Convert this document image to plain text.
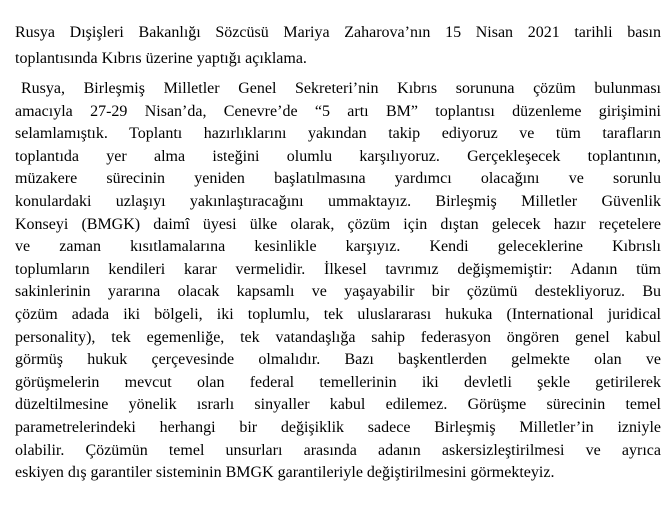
Rusya Dışişleri Bakanlığı Sözcüsü Mariya Zaharova’nın 15 Nisan 2021 tarihli basın
toplantısında Kıbrıs üzerine yaptığı açıklama.
Rusya, Birleşmiş Milletler Genel Sekreteri’nin Kıbrıs sorununa çözüm bulunması
amacıyla 27-29 Nisan’da, Cenevre’de “5 artı BM” toplantısı düzenleme girişimini
selamlamıştık. Toplantı hazırlıklarını yakından takip ediyoruz ve tüm tarafların
toplantıda yer alma isteğini olumlu karşılıyoruz. Gerçekleşecek toplantının,
müzakere sürecinin yeniden başlatılmasına yardımcı olacağını ve sorunlu
konulardaki uzlaşıyı yakınlaştıracağını ummaktayız. Birleşmiş Milletler Güvenlik
Konseyi (BMGK) daimî üyesi ülke olarak, çözüm için dıştan gelecek hazır reçetelere
ve zaman kısıtlamalarına kesinlikle karşıyız. Kendi geleceklerine Kıbrıslı
toplumların kendileri karar vermelidir. İlkesel tavrımız değişmemiştir: Adanın tüm
sakinlerinin yararına olacak kapsamlı ve yaşayabilir bir çözümü destekliyoruz. Bu
çözüm adada iki bölgeli, iki toplumlu, tek uluslararası hukuka (International juridical
personality), tek egemenliğe, tek vatandaşlığa sahip federasyon öngören genel kabul
görmüş hukuk çerçevesinde olmalıdır. Bazı başkentlerden gelmekte olan ve
görüşmelerin mevcut olan federal temellerinin iki devletli şekle getirilerek
düzeltilmesine yönelik ısrarlı sinyaller kabul edilemez. Görüşme sürecinin temel
parametrelerindeki herhangi bir değişiklik sadece Birleşmiş Milletler’in izniyle
olabilir. Çözümün temel unsurları arasında adanın askersizleştirilmesi ve ayrıca
eskiyen dış garantiler sisteminin BMGK garantileriyle değiştirilmesini görmekteyiz.
